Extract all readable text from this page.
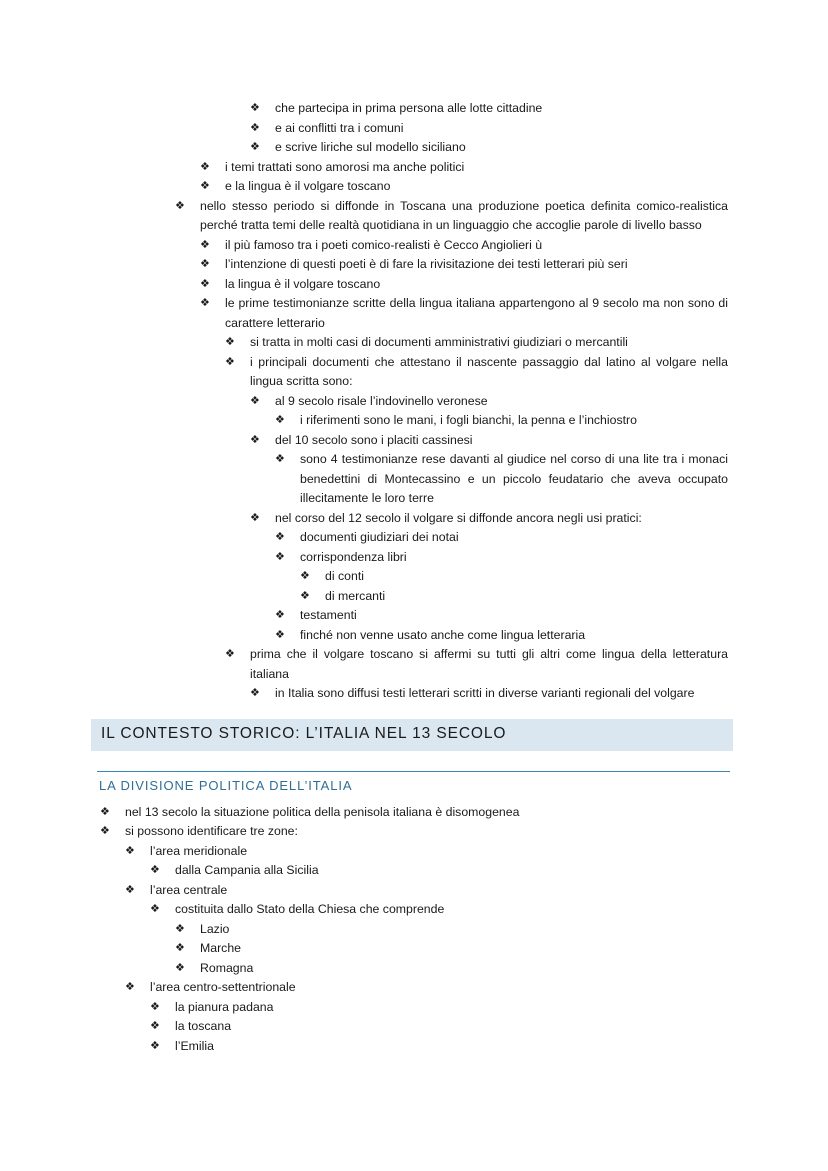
❖ che partecipa in prima persona alle lotte cittadine
❖ e ai conflitti tra i comuni
❖ e scrive liriche sul modello siciliano
❖ i temi trattati sono amorosi ma anche politici
❖ e la lingua è il volgare toscano
❖ nello stesso periodo si diffonde in Toscana una produzione poetica definita comico-realistica perché tratta temi delle realtà quotidiana in un linguaggio che accoglie parole di livello basso
❖ il più famoso tra i poeti comico-realisti è Cecco Angiolieri ù
❖ l’intenzione di questi poeti è di fare la rivisitazione dei testi letterari più seri
❖ la lingua è il volgare toscano
❖ le prime testimonianze scritte della lingua italiana appartengono al 9 secolo ma non sono di carattere letterario
❖ si tratta in molti casi di documenti amministrativi giudiziari o mercantili
❖ i principali documenti che attestano il nascente passaggio dal latino al volgare nella lingua scritta sono:
❖ al 9 secolo risale l’indovinello veronese
❖ i riferimenti sono le mani, i fogli bianchi, la penna e l’inchiostro
❖ del 10 secolo sono i placiti cassinesi
❖ sono 4 testimonianze rese davanti al giudice nel corso di una lite tra i monaci benedettini di Montecassino e un piccolo feudatario che aveva occupato illecitamente le loro terre
❖ nel corso del 12 secolo il volgare si diffonde ancora negli usi pratici:
❖ documenti giudiziari dei notai
❖ corrispondenza libri
❖ di conti
❖ di mercanti
❖ testamenti
❖ finché non venne usato anche come lingua letteraria
❖ prima che il volgare toscano si affermi su tutti gli altri come lingua della letteratura italiana
❖ in Italia sono diffusi testi letterari scritti in diverse varianti regionali del volgare
IL CONTESTO STORICO: L’ITALIA NEL 13 SECOLO
LA DIVISIONE POLITICA DELL’ITALIA
❖ nel 13 secolo la situazione politica della penisola italiana è disomogenea
❖ si possono identificare tre zone:
❖ l’area meridionale
❖ dalla Campania alla Sicilia
❖ l’area centrale
❖ costituita dallo Stato della Chiesa che comprende
❖ Lazio
❖ Marche
❖ Romagna
❖ l’area centro-settentrionale
❖ la pianura padana
❖ la toscana
❖ l’Emilia
